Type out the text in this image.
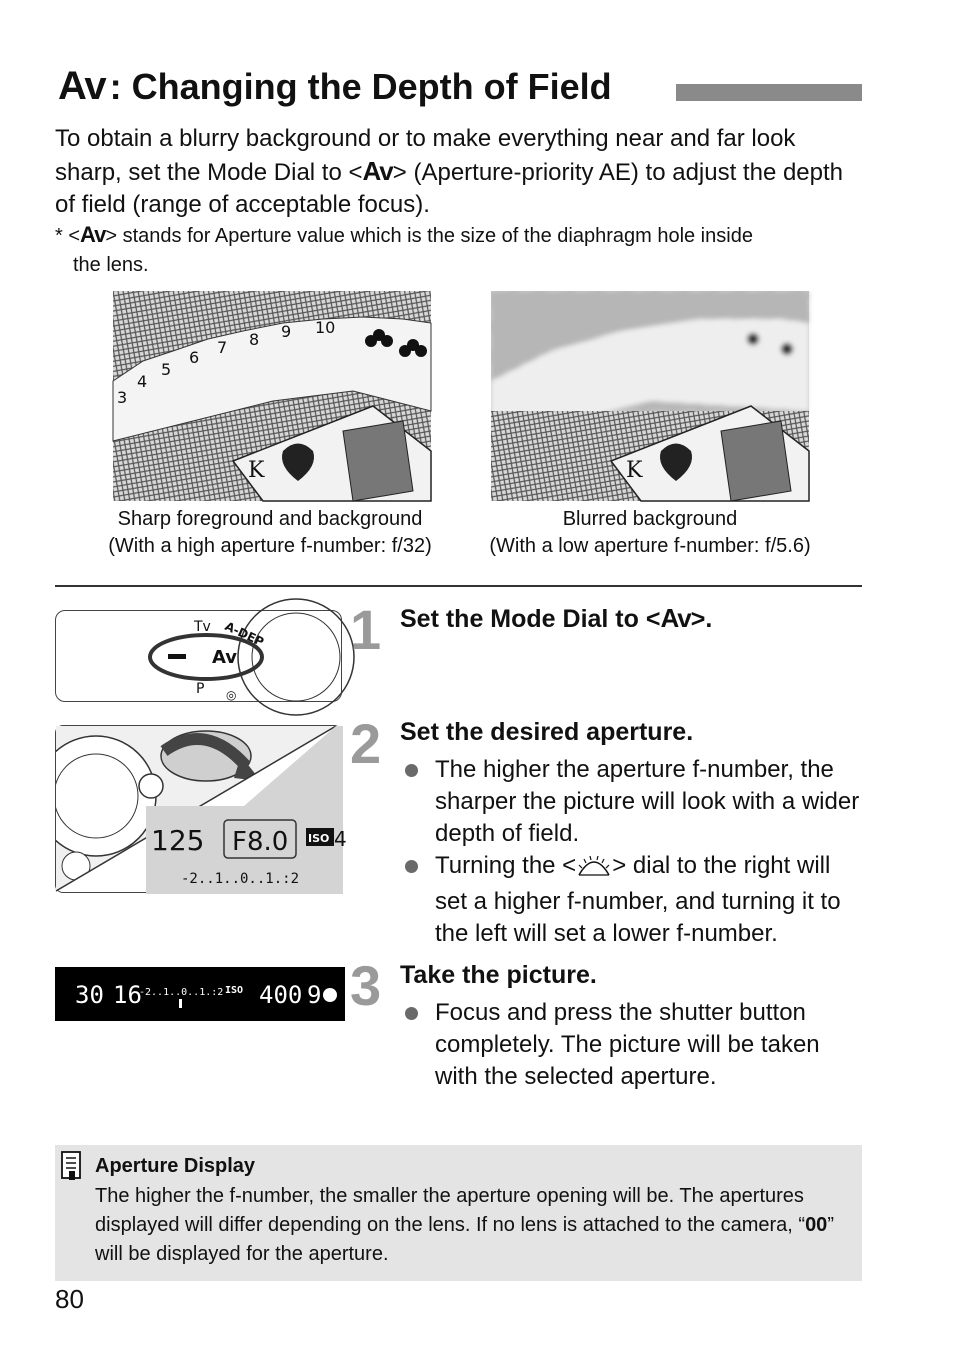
Av : Changing the Depth of Field

To obtain a blurry background or to make everything near and far look sharp, set the Mode Dial to <Av> (Aperture-priority AE) to adjust the depth of field (range of acceptable focus).

* <Av> stands for Aperture value which is the size of the diaphragm hole inside
the lens.

3
4
5
6
7 8 9 10
K	K
Sharp foreground and background
(With a high aperture f-number: f/32)
Blurred background
(With a low aperture f-number: f/5.6)
Av
A-DEP
Tv
P ◎
1 Set the Mode Dial to <Av>.
125 F8.0 ISO 4
-2..1..0..1.:2
2 Set the desired aperture.
The higher the aperture f-number, the sharper the picture will look with a wider depth of field.
Turning the < > dial to the right will set a higher f-number, and turning it to the left will set a lower f-number.
30 16
-2..1..0..1.:2 ISO 400 9 3 Take the picture.
Focus and press the shutter button completely. The picture will be taken with the selected aperture.
Aperture Display

The higher the f-number, the smaller the aperture opening will be. The apertures displayed will differ depending on the lens. If no lens is attached to the camera, “00” will be displayed for the aperture.

80
